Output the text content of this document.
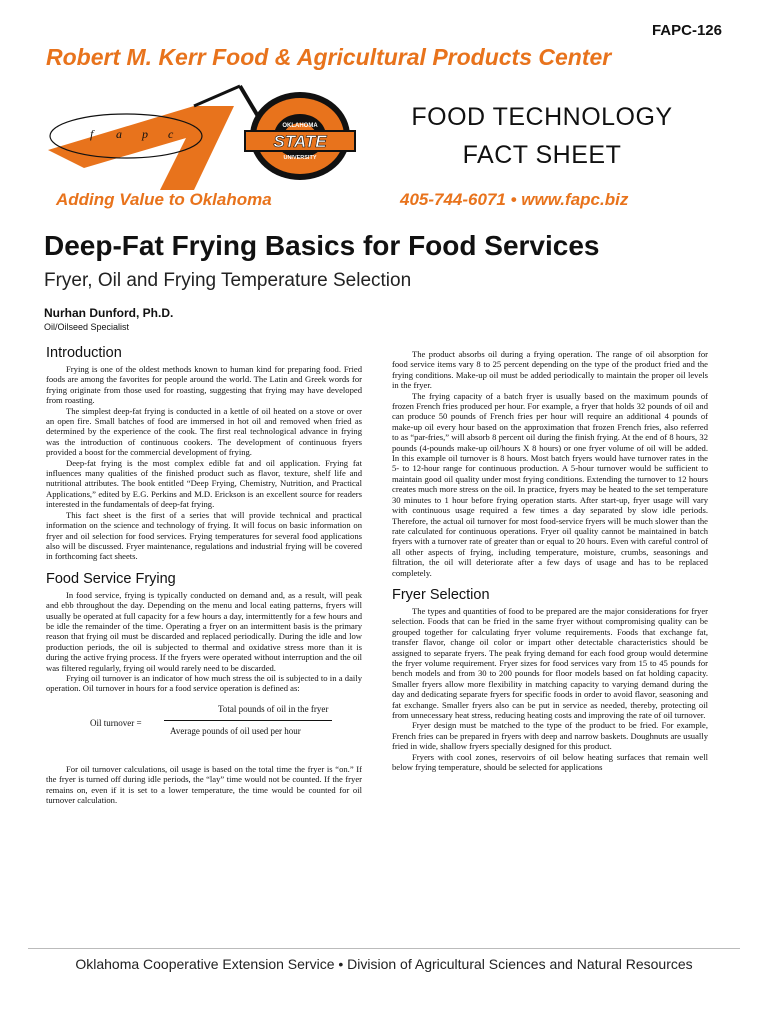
FAPC-126
Robert M. Kerr Food & Agricultural Products Center
f a p c
OKLAHOMA
STATE
UNIVERSITY
FOOD TECHNOLOGY
FACT SHEET
Adding Value to Oklahoma	405-744-6071 • www.fapc.biz
Deep-Fat Frying Basics for Food Services
Fryer, Oil and Frying Temperature Selection
Nurhan Dunford, Ph.D.
Oil/Oilseed Specialist
Introduction

Frying is one of the oldest methods known to human kind for preparing food. Fried foods are among the favorites for people around the world. The Latin and Greek words for frying originate from those used for roasting, suggesting that frying may have developed from roasting.

The simplest deep-fat frying is conducted in a kettle of oil heated on a stove or over an open fire. Small batches of food are immersed in hot oil and removed when fried as determined by the experience of the cook. The first real technological advance in frying was the introduction of continuous cookers. The development of continuous fryers provided a boost for the commercial development of frying.

Deep-fat frying is the most complex edible fat and oil application. Frying fat influences many qualities of the finished product such as flavor, texture, shelf life and nutritional attributes. The book entitled “Deep Frying, Chemistry, Nutrition, and Practical Applications,” edited by E.G. Perkins and M.D. Erickson is an excellent source for readers interested in the fundamentals of deep-fat frying.

This fact sheet is the first of a series that will provide technical and practical information on the science and technology of frying. It will focus on basic information on fryer and oil selection for food services. Frying temperatures for several food applications also will be discussed. Fryer maintenance, regulations and industrial frying will be covered in forthcoming fact sheets.

Food Service Frying

In food service, frying is typically conducted on demand and, as a result, will peak and ebb throughout the day. Depending on the menu and local eating patterns, fryers will usually be operated at full capacity for a few hours a day, intermittently for a few hours and be idle the remainder of the time. Operating a fryer on an intermittent basis is the primary reason that frying oil must be discarded and replaced periodically. During the idle and low production periods, the oil is subjected to thermal and oxidative stress more than it is during the active frying process. If the fryers were operated without interruption and the oil was filtered regularly, frying oil would rarely need to be discarded.

Frying oil turnover is an indicator of how much stress the oil is subjected to in a daily operation. Oil turnover in hours for a food service operation is defined as:

Oil turnover =
Total pounds of oil in the fryer
Average pounds of oil used per hour

For oil turnover calculations, oil usage is based on the total time the fryer is “on.” If the fryer is turned off during idle periods, the “lay” time would not be counted. If the fryer remains on, even if it is set to a lower temperature, the time would be counted for oil turnover calculation.

The product absorbs oil during a frying operation. The range of oil absorption for food service items vary 8 to 25 percent depending on the type of the product fried and the frying conditions. Make-up oil must be added periodically to maintain the proper oil levels in the fryer.

The frying capacity of a batch fryer is usually based on the maximum pounds of frozen French fries produced per hour. For example, a fryer that holds 32 pounds of oil and can produce 50 pounds of French fries per hour will require an additional 4 pounds of make-up oil every hour based on the approximation that frozen French fries, also referred to as “par-fries,” will absorb 8 percent oil during the finish frying. At the end of 8 hours, 32 pounds (4-pounds make-up oil/hours X 8 hours) or one fryer volume of oil will be added. In this example oil turnover is 8 hours. Most batch fryers would have turnover rates in the 5- to 12-hour range for continuous production. A 5-hour turnover would be sufficient to maintain good oil quality under most frying conditions. Extending the turnover to 12 hours creates much more stress on the oil. In practice, fryers may be heated to the set temperature 30 minutes to 1 hour before frying operation starts. After start-up, fryer usage will vary with continuous usage required a few times a day separated by slow idle periods. Therefore, the actual oil turnover for most food-service fryers will be much slower than the rate calculated for continuous operations. Fryer oil quality cannot be maintained in batch fryers with a turnover rate of greater than or equal to 20 hours. Even with careful control of all other aspects of frying, including temperature, moisture, crumbs, seasonings and filtration, the oil will deteriorate after a few days of usage and has to be replaced completely.

Fryer Selection

The types and quantities of food to be prepared are the major considerations for fryer selection. Foods that can be fried in the same fryer without compromising quality can be grouped together for calculating fryer volume requirements. Foods that exchange fat, transfer flavor, change oil color or impart other detectable characteristics should be assigned to separate fryers. The peak frying demand for each food group would determine the fryer volume requirement. Fryer sizes for food services vary from 15 to 45 pounds for bench models and from 30 to 200 pounds for floor models based on fat holding capacity. Smaller fryers allow more flexibility in matching capacity to varying demand during the day and dedicating separate fryers for specific foods in order to avoid flavor, seasoning and fat exchange. Smaller fryers also can be put in service as needed, thereby, protecting oil from unnecessary heat stress, reducing heating costs and improving the rate of oil turnover.

Fryer design must be matched to the type of the product to be fried. For example, French fries can be prepared in fryers with deep and narrow baskets. Doughnuts are usually fried in wide, shallow fryers specially designed for this product.

Fryers with cool zones, reservoirs of oil below heating surfaces that remain well below frying temperature, should be selected for applications

Oklahoma Cooperative Extension Service • Division of Agricultural Sciences and Natural Resources
